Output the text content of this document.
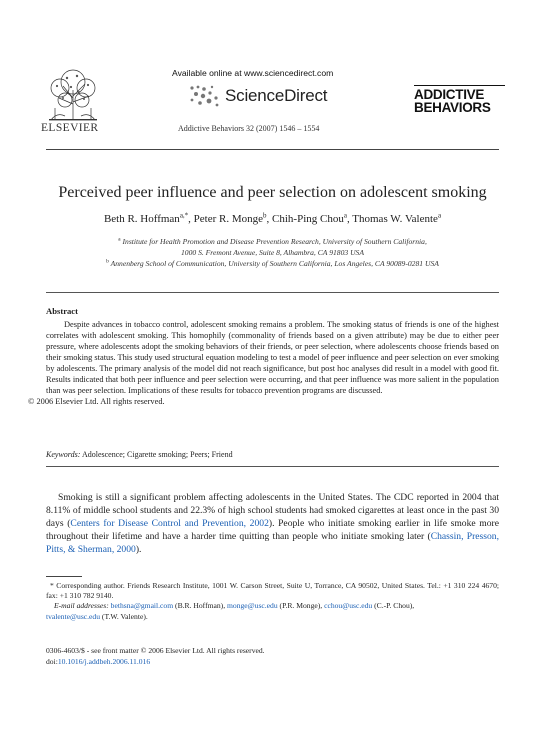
ELSEVIER
Available online at www.sciencedirect.com
ScienceDirect
Addictive Behaviors 32 (2007) 1546 – 1554
ADDICTIVE
BEHAVIORS
Perceived peer influence and peer selection on adolescent smoking
Beth R. Hoffman$^{a,*}$, Peter R. Monge$^b$, Chih-Ping Chou$^a$, Thomas W. Valente$^a$
$^a$ Institute for Health Promotion and Disease Prevention Research, University of Southern California,
1000 S. Fremont Avenue, Suite 8, Alhambra, CA 91803 USA
$^b$ Annenberg School of Communication, University of Southern California, Los Angeles, CA 90089-0281 USA
Abstract
Despite advances in tobacco control, adolescent smoking remains a problem. The smoking status of friends is one of the highest correlates with adolescent smoking. This homophily (commonality of friends based on a given attribute) may be due to either peer pressure, where adolescents adopt the smoking behaviors of their friends, or peer selection, where adolescents choose friends based on their smoking status. This study used structural equation modeling to test a model of peer influence and peer selection on ever smoking by adolescents. The primary analysis of the model did not reach significance, but post hoc analyses did result in a model with good fit. Results indicated that both peer influence and peer selection were occurring, and that peer influence was more salient in the population than was peer selection. Implications of these results for tobacco prevention programs are discussed.
© 2006 Elsevier Ltd. All rights reserved.
Keywords: Adolescence; Cigarette smoking; Peers; Friend

Smoking is still a significant problem affecting adolescents in the United States. The CDC reported in 2004 that 8.11% of middle school students and 22.3% of high school students had smoked cigarettes at least once in the past 30 days (Centers for Disease Control and Prevention, 2002). People who initiate smoking earlier in life smoke more throughout their lifetime and have a harder time quitting than people who initiate smoking later (Chassin, Presson, Pitts, & Sherman, 2000).

* Corresponding author. Friends Research Institute, 1001 W. Carson Street, Suite U, Torrance, CA 90502, United States. Tel.: +1 310 224 4670; fax: +1 310 782 9140.
E-mail addresses: bethsna@gmail.com (B.R. Hoffman), monge@usc.edu (P.R. Monge), cchou@usc.edu (C.-P. Chou),
tvalente@usc.edu (T.W. Valente).
0306-4603/$ - see front matter © 2006 Elsevier Ltd. All rights reserved.
doi:10.1016/j.addbeh.2006.11.016
